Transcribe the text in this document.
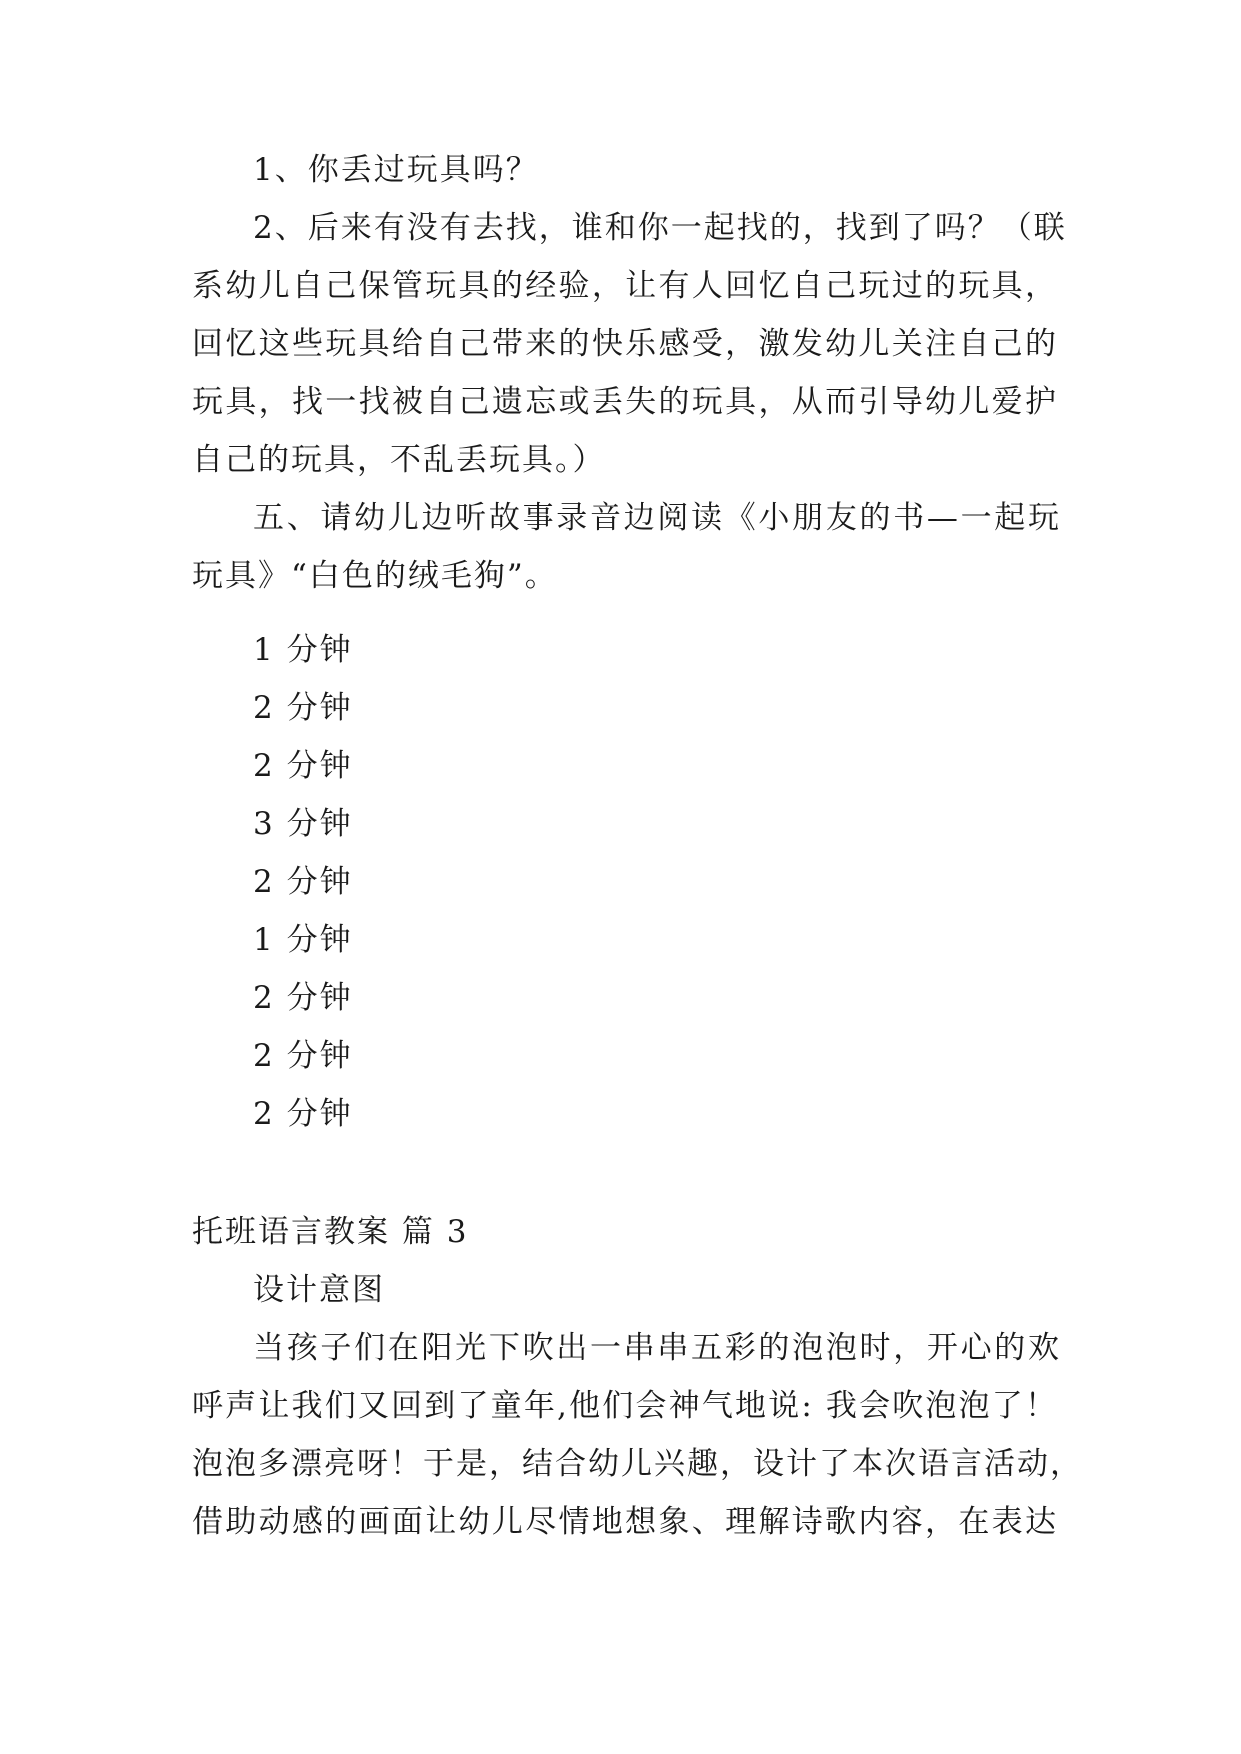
1、你丢过玩具吗？
2、后来有没有去找，谁和你一起找的，找到了吗？（联
系幼儿自己保管玩具的经验，让有人回忆自己玩过的玩具，
回忆这些玩具给自己带来的快乐感受，激发幼儿关注自己的
玩具，找一找被自己遗忘或丢失的玩具，从而引导幼儿爱护
自己的玩具，不乱丢玩具。）
五、请幼儿边听故事录音边阅读《小朋友的书—一起玩
玩具》“白色的绒毛狗”。
1 分钟
2 分钟
2 分钟
3 分钟
2 分钟
1 分钟
2 分钟
2 分钟
2 分钟
托班语言教案 篇 3
设计意图
当孩子们在阳光下吹出一串串五彩的泡泡时，开心的欢
呼声让我们又回到了童年,他们会神气地说: 我会吹泡泡了！
泡泡多漂亮呀！于是，结合幼儿兴趣，设计了本次语言活动，
借助动感的画面让幼儿尽情地想象、理解诗歌内容，在表达
